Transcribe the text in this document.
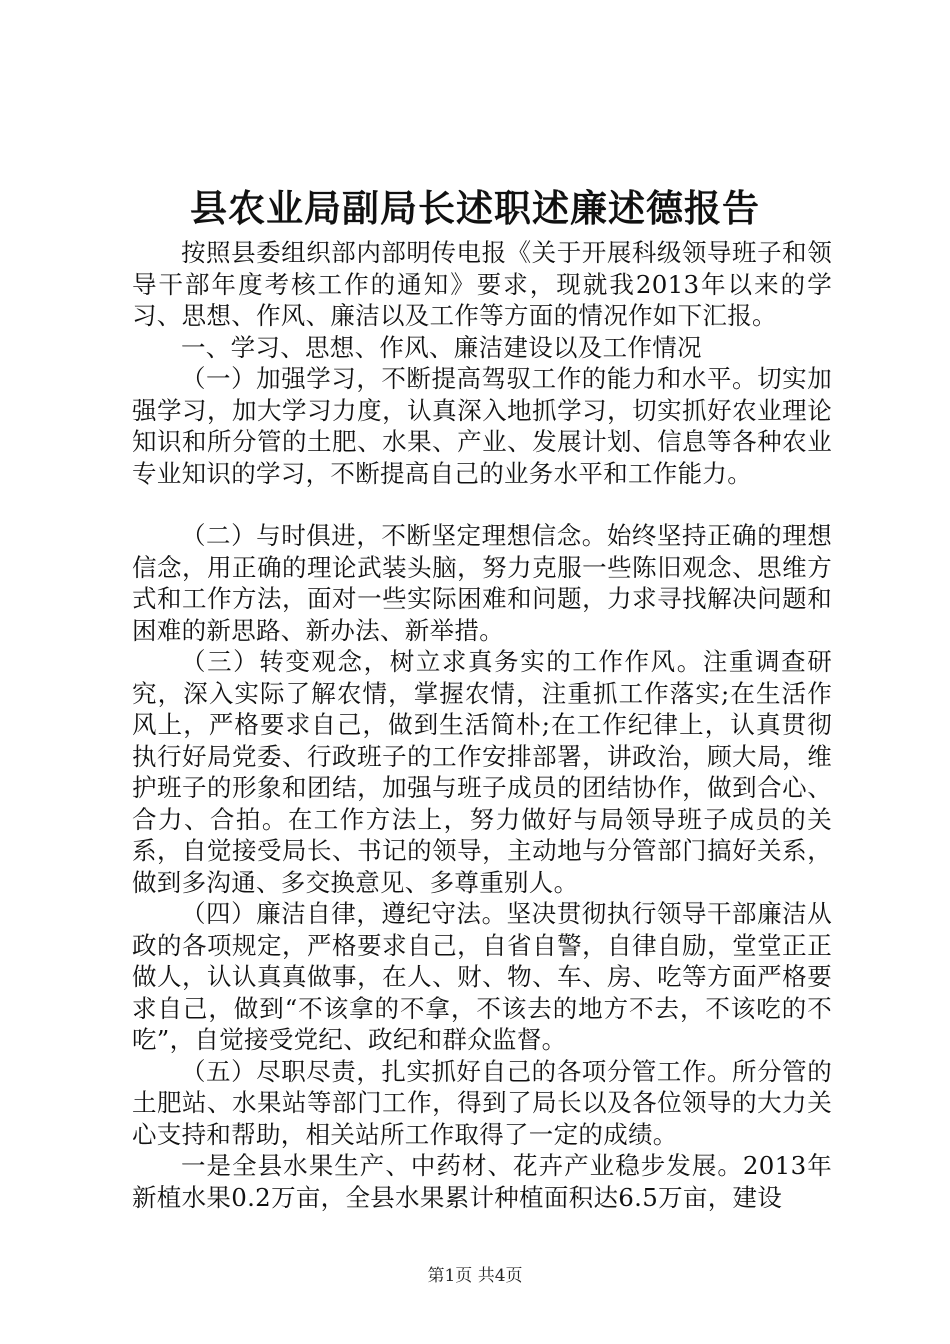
县农业局副局长述职述廉述德报告

按照县委组织部内部明传电报《关于开展科级领导班子和领导干部年度考核工作的通知》要求，现就我2013年以来的学习、思想、作风、廉洁以及工作等方面的情况作如下汇报。

一、学习、思想、作风、廉洁建设以及工作情况

（一）加强学习，不断提高驾驭工作的能力和水平。切实加强学习，加大学习力度，认真深入地抓学习，切实抓好农业理论知识和所分管的土肥、水果、产业、发展计划、信息等各种农业专业知识的学习，不断提高自己的业务水平和工作能力。

（二）与时俱进，不断坚定理想信念。始终坚持正确的理想信念，用正确的理论武装头脑，努力克服一些陈旧观念、思维方式和工作方法，面对一些实际困难和问题，力求寻找解决问题和困难的新思路、新办法、新举措。

（三）转变观念，树立求真务实的工作作风。注重调查研究，深入实际了解农情，掌握农情，注重抓工作落实;在生活作风上，严格要求自己，做到生活简朴;在工作纪律上，认真贯彻执行好局党委、行政班子的工作安排部署，讲政治，顾大局，维护班子的形象和团结，加强与班子成员的团结协作，做到合心、合力、合拍。在工作方法上，努力做好与局领导班子成员的关系，自觉接受局长、书记的领导，主动地与分管部门搞好关系，做到多沟通、多交换意见、多尊重别人。

（四）廉洁自律，遵纪守法。坚决贯彻执行领导干部廉洁从政的各项规定，严格要求自己，自省自警，自律自励，堂堂正正做人，认认真真做事，在人、财、物、车、房、吃等方面严格要求自己，做到“不该拿的不拿，不该去的地方不去，不该吃的不吃”，自觉接受党纪、政纪和群众监督。

（五）尽职尽责，扎实抓好自己的各项分管工作。所分管的土肥站、水果站等部门工作，得到了局长以及各位领导的大力关心支持和帮助，相关站所工作取得了一定的成绩。

一是全县水果生产、中药材、花卉产业稳步发展。2013年新植水果0.2万亩，全县水果累计种植面积达6.5万亩，建设

第1页 共4页
